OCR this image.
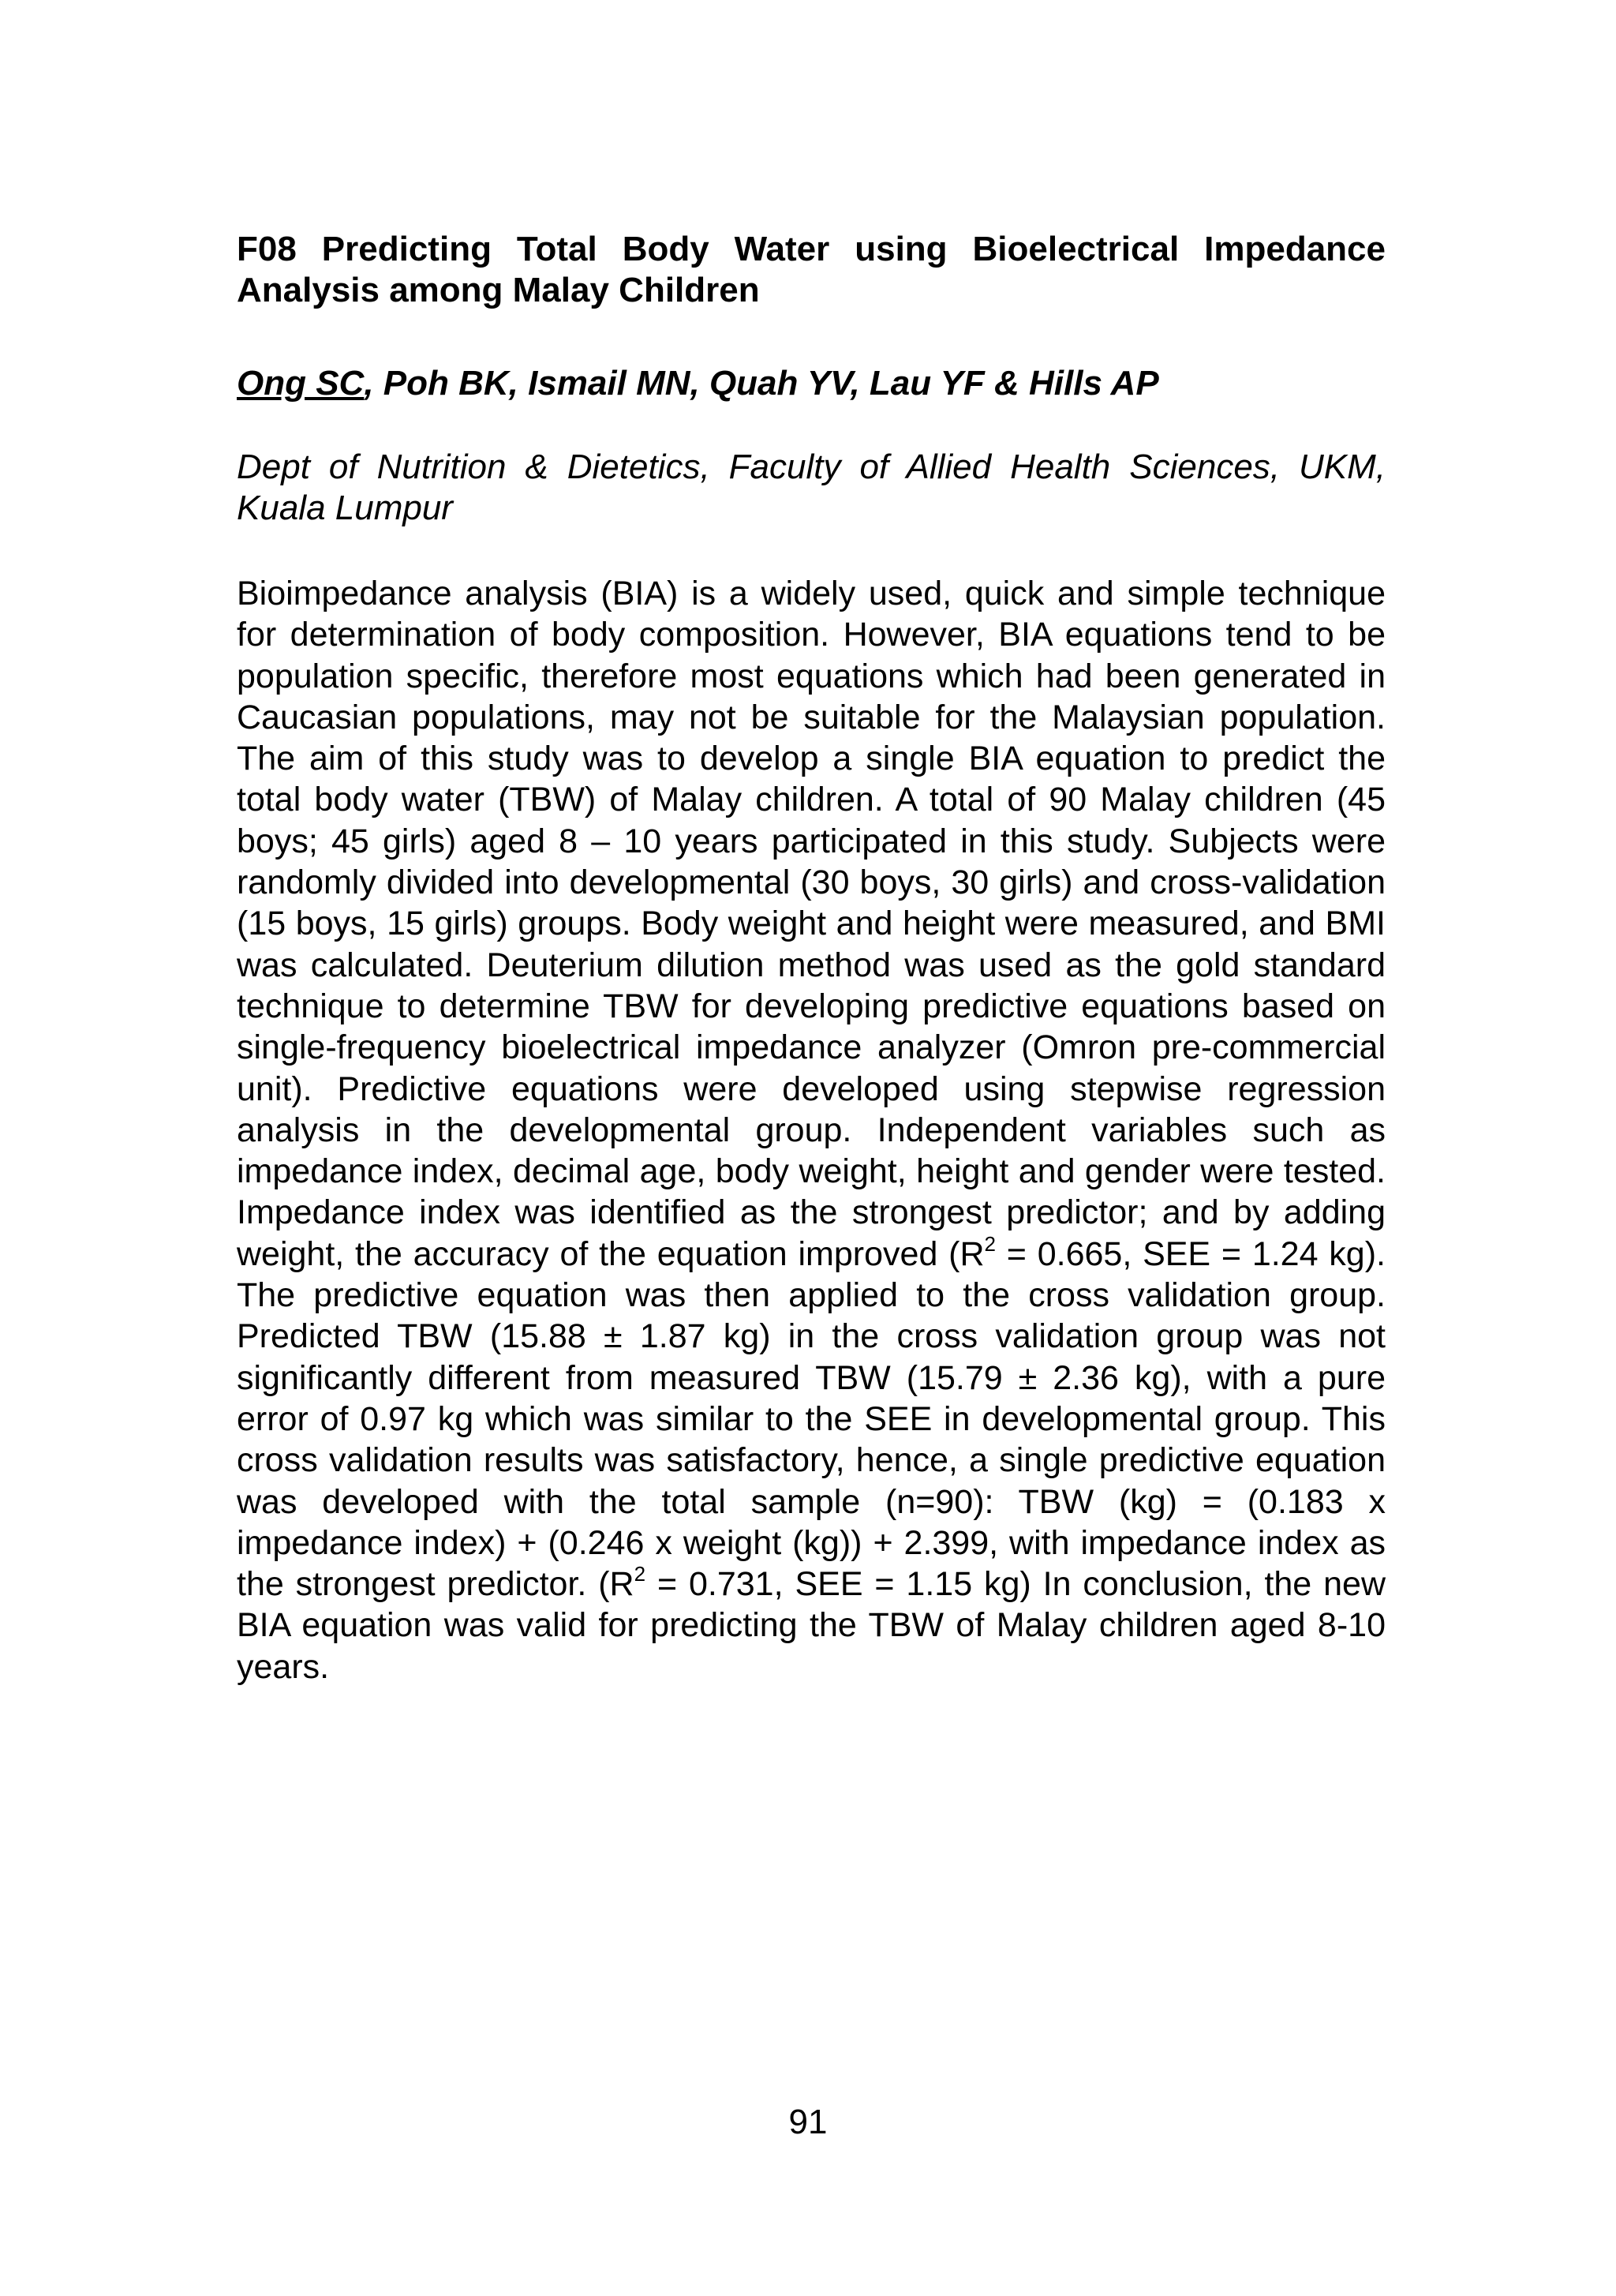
F08 Predicting Total Body Water using Bioelectrical Impedance Analysis among Malay Children
Ong SC, Poh BK, Ismail MN, Quah YV, Lau YF & Hills AP
Dept of Nutrition & Dietetics, Faculty of Allied Health Sciences, UKM, Kuala Lumpur

Bioimpedance analysis (BIA) is a widely used, quick and simple technique for determination of body composition. However, BIA equations tend to be population specific, therefore most equations which had been generated in Caucasian populations, may not be suitable for the Malaysian population. The aim of this study was to develop a single BIA equation to predict the total body water (TBW) of Malay children. A total of 90 Malay children (45 boys; 45 girls) aged 8 – 10 years participated in this study. Subjects were randomly divided into developmental (30 boys, 30 girls) and cross-validation (15 boys, 15 girls) groups. Body weight and height were measured, and BMI was calculated. Deuterium dilution method was used as the gold standard technique to determine TBW for developing predictive equations based on single-frequency bioelectrical impedance analyzer (Omron pre-commercial unit). Predictive equations were developed using stepwise regression analysis in the developmental group. Independent variables such as impedance index, decimal age, body weight, height and gender were tested. Impedance index was identified as the strongest predictor; and by adding weight, the accuracy of the equation improved ($R^2 = 0.665$, SEE = 1.24 kg). The predictive equation was then applied to the cross validation group. Predicted TBW (15.88 ± 1.87 kg) in the cross validation group was not significantly different from measured TBW (15.79 ± 2.36 kg), with a pure error of 0.97 kg which was similar to the SEE in developmental group. This cross validation results was satisfactory, hence, a single predictive equation was developed with the total sample (n=90): TBW (kg) = (0.183 x impedance index) + (0.246 x weight (kg)) + 2.399, with impedance index as the strongest predictor. ($R^2 = 0.731$, SEE = 1.15 kg) In conclusion, the new BIA equation was valid for predicting the TBW of Malay children aged 8-10 years.

91
